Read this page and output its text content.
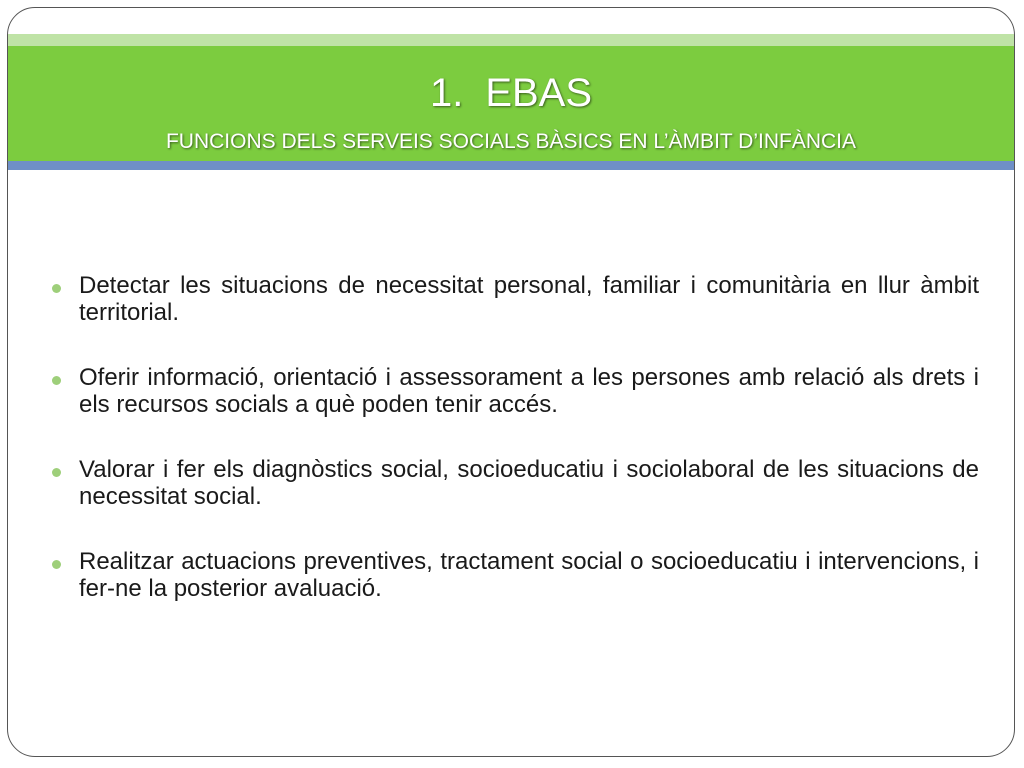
1. EBAS
FUNCIONS DELS SERVEIS SOCIALS BÀSICS EN L’ÀMBIT D’INFÀNCIA
Detectar les situacions de necessitat personal, familiar i comunitària en llur àmbit territorial.
Oferir informació, orientació i assessorament a les persones amb relació als drets i els recursos socials a què poden tenir accés.
Valorar i fer els diagnòstics social, socioeducatiu i sociolaboral de les situacions de necessitat social.
Realitzar actuacions preventives, tractament social o socioeducatiu i intervencions, i fer-ne la posterior avaluació.
